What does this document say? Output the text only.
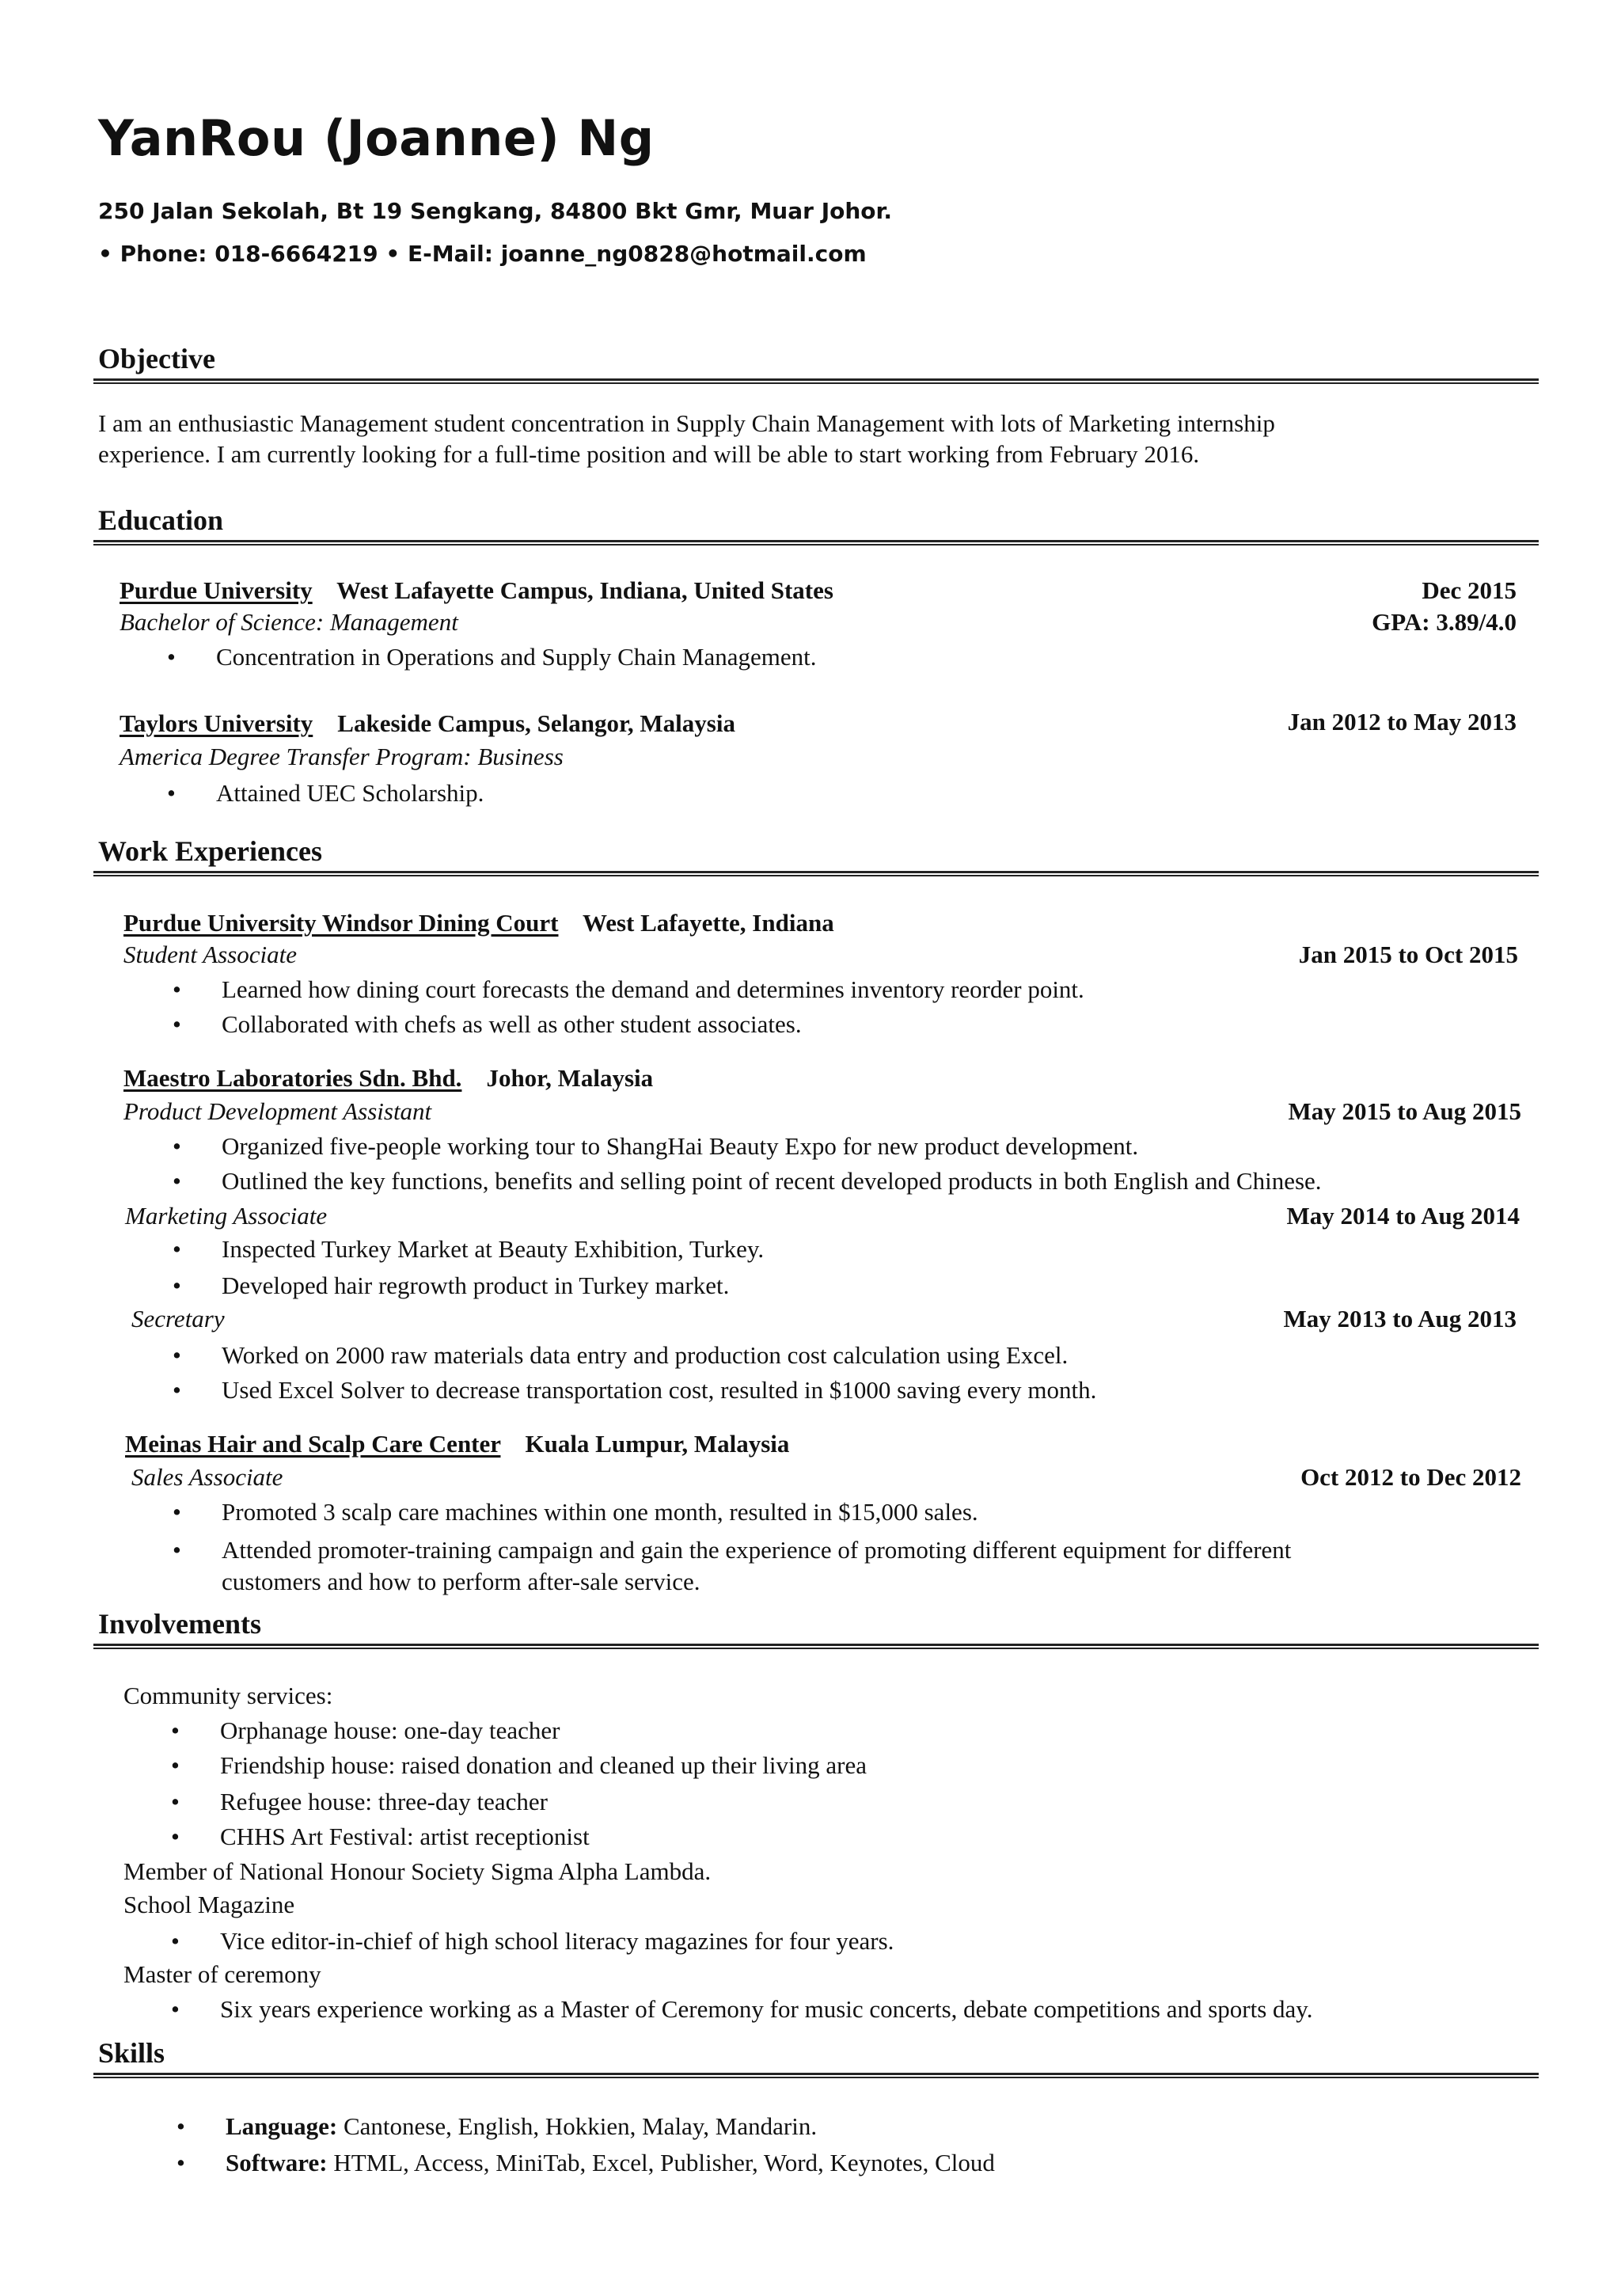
YanRou (Joanne) Ng
250 Jalan Sekolah, Bt 19 Sengkang, 84800 Bkt Gmr, Muar Johor.
• Phone: 018-6664219 • E-Mail: joanne_ng0828@hotmail.com
Objective
I am an enthusiastic Management student concentration in Supply Chain Management with lots of Marketing internship
experience. I am currently looking for a full-time position and will be able to start working from February 2016.
Education
Purdue University West Lafayette Campus, Indiana, United States	Dec 2015
Bachelor of Science: Management	GPA: 3.89/4.0
• Concentration in Operations and Supply Chain Management.
Taylors University Lakeside Campus, Selangor, Malaysia	Jan 2012 to May 2013
America Degree Transfer Program: Business
• Attained UEC Scholarship.
Work Experiences
Purdue University Windsor Dining Court West Lafayette, Indiana
Student Associate	Jan 2015 to Oct 2015
• Learned how dining court forecasts the demand and determines inventory reorder point.
• Collaborated with chefs as well as other student associates.
Maestro Laboratories Sdn. Bhd. Johor, Malaysia
Product Development Assistant	May 2015 to Aug 2015
• Organized five-people working tour to ShangHai Beauty Expo for new product development.
• Outlined the key functions, benefits and selling point of recent developed products in both English and Chinese.
Marketing Associate	May 2014 to Aug 2014
• Inspected Turkey Market at Beauty Exhibition, Turkey.
• Developed hair regrowth product in Turkey market.
Secretary	May 2013 to Aug 2013
• Worked on 2000 raw materials data entry and production cost calculation using Excel.
• Used Excel Solver to decrease transportation cost, resulted in $1000 saving every month.
Meinas Hair and Scalp Care Center Kuala Lumpur, Malaysia
Sales Associate	Oct 2012 to Dec 2012
• Promoted 3 scalp care machines within one month, resulted in $15,000 sales.
• Attended promoter-training campaign and gain the experience of promoting different equipment for different
customers and how to perform after-sale service.
Involvements
Community services:
• Orphanage house: one-day teacher
• Friendship house: raised donation and cleaned up their living area
• Refugee house: three-day teacher
• CHHS Art Festival: artist receptionist
Member of National Honour Society Sigma Alpha Lambda.
School Magazine
• Vice editor-in-chief of high school literacy magazines for four years.
Master of ceremony
• Six years experience working as a Master of Ceremony for music concerts, debate competitions and sports day.
Skills
• Language: Cantonese, English, Hokkien, Malay, Mandarin.
• Software: HTML, Access, MiniTab, Excel, Publisher, Word, Keynotes, Cloud
